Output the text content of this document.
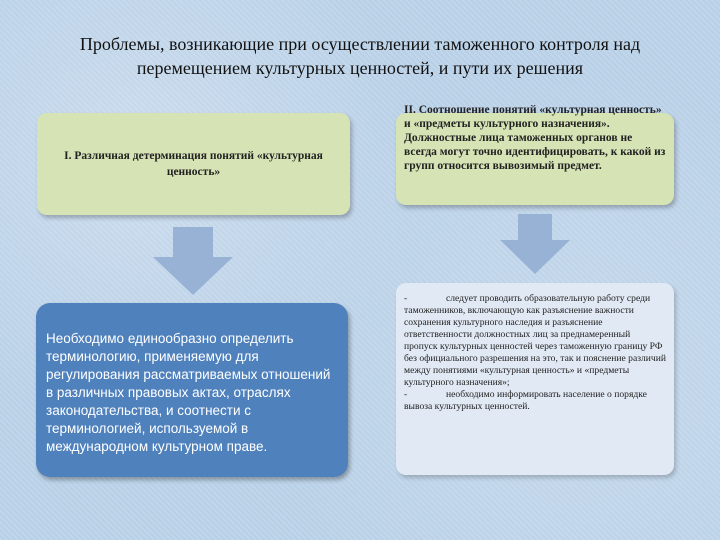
Проблемы, возникающие при осуществлении таможенного контроля над
перемещением культурных ценностей, и пути их решения
I. Различная детерминация понятий «культурная ценность»
II. Соотношение понятий «культурная ценность» и «предметы культурного назначения». Должностные лица таможенных органов не всегда могут точно идентифицировать, к какой из групп относится вывозимый предмет.
Необходимо единообразно определить терминологию, применяемую для регулирования рассматриваемых отношений в различных правовых актах, отраслях законодательства, и соотнести с терминологией, используемой в международном культурном праве.

-	следует проводить образовательную работу среди таможенников, включающую как разъяснение важности сохранения культурного наследия и разъяснение ответственности должностных лиц за преднамеренный пропуск культурных ценностей через таможенную границу РФ без официального разрешения на это, так и пояснение различий между понятиями «культурная ценность» и «предметы культурного назначения»;

-	необходимо информировать население о порядке вывоза культурных ценностей.
